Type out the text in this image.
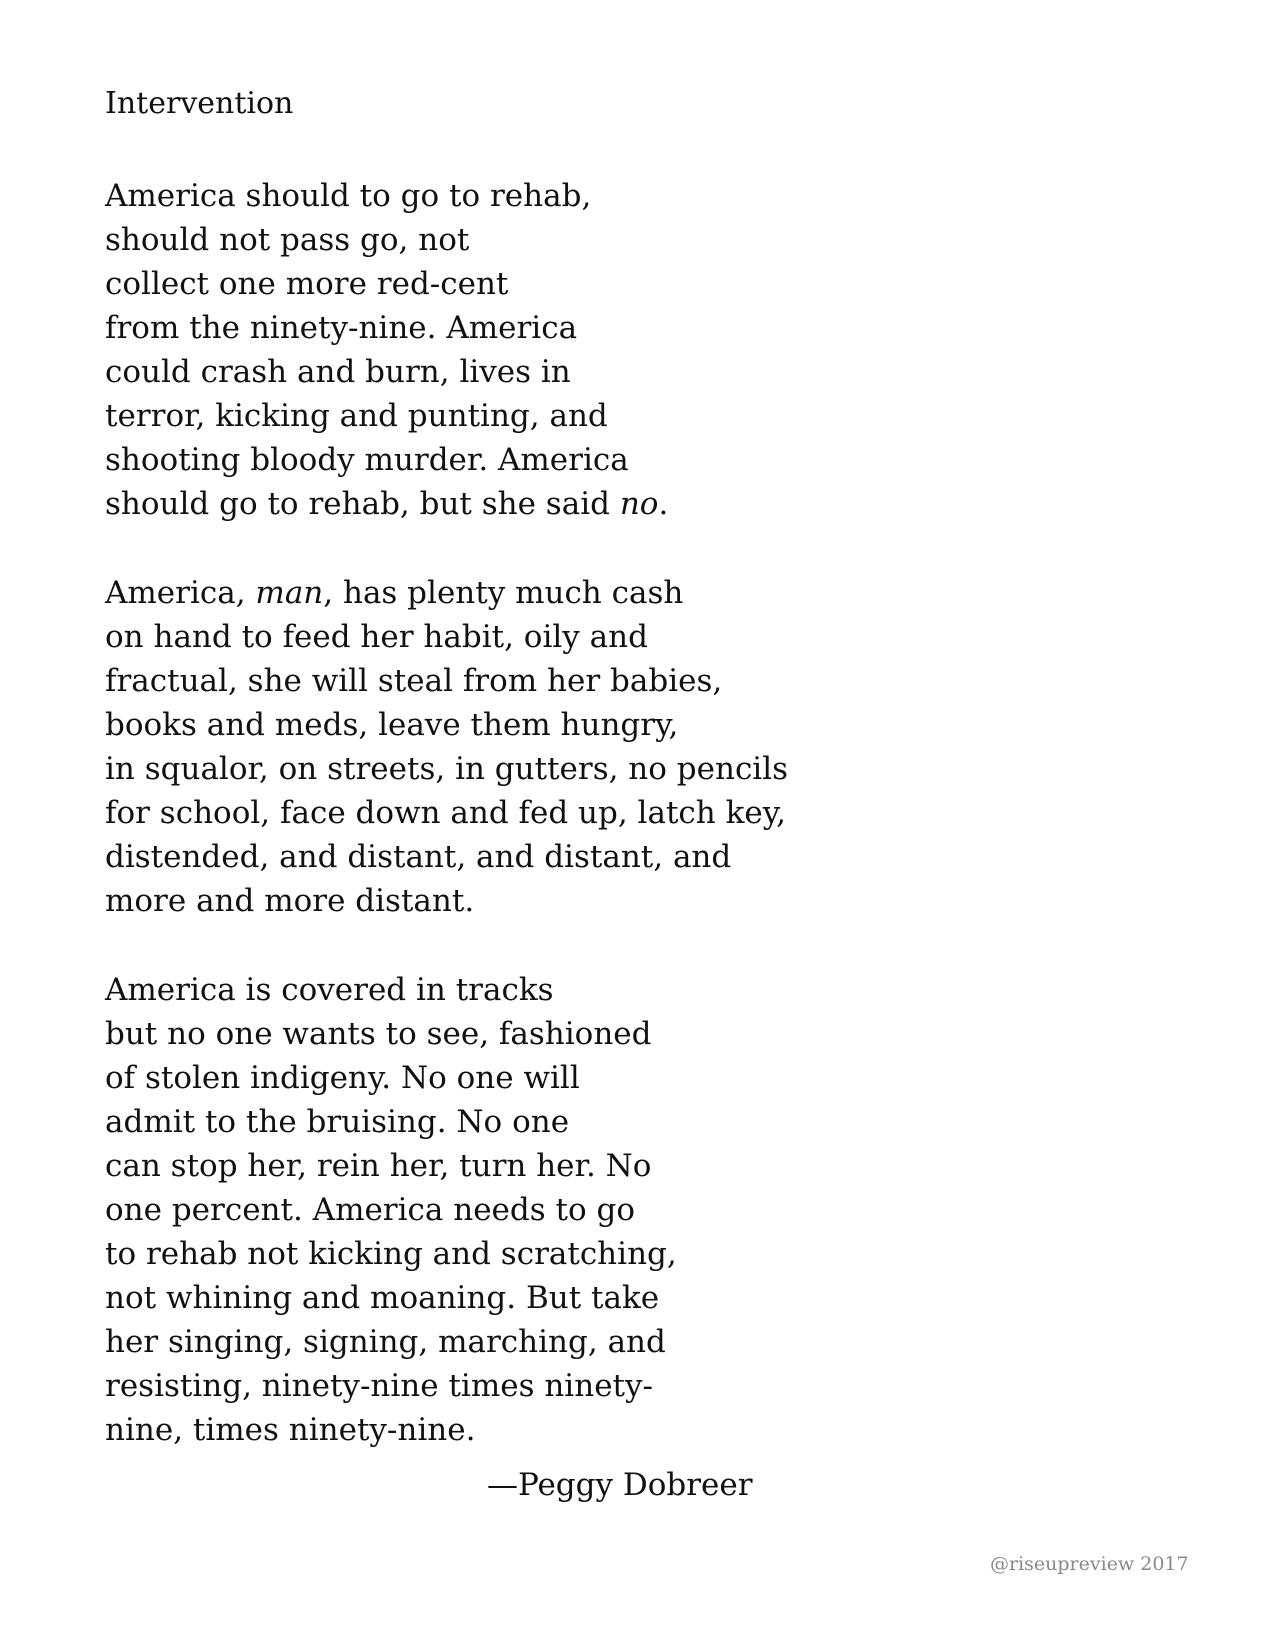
Intervention
America should to go to rehab,
should not pass go, not
collect one more red-cent
from the ninety-nine. America
could crash and burn, lives in
terror, kicking and punting, and
shooting bloody murder. America
should go to rehab, but she said no.
America, man, has plenty much cash
on hand to feed her habit, oily and
fractual, she will steal from her babies,
books and meds, leave them hungry,
in squalor, on streets, in gutters, no pencils
for school, face down and fed up, latch key,
distended, and distant, and distant, and
more and more distant.
America is covered in tracks
but no one wants to see, fashioned
of stolen indigeny. No one will
admit to the bruising. No one
can stop her, rein her, turn her. No
one percent. America needs to go
to rehab not kicking and scratching,
not whining and moaning. But take
her singing, signing, marching, and
resisting, ninety-nine times ninety-
nine, times ninety-nine.
—Peggy Dobreer
@riseupreview 2017
